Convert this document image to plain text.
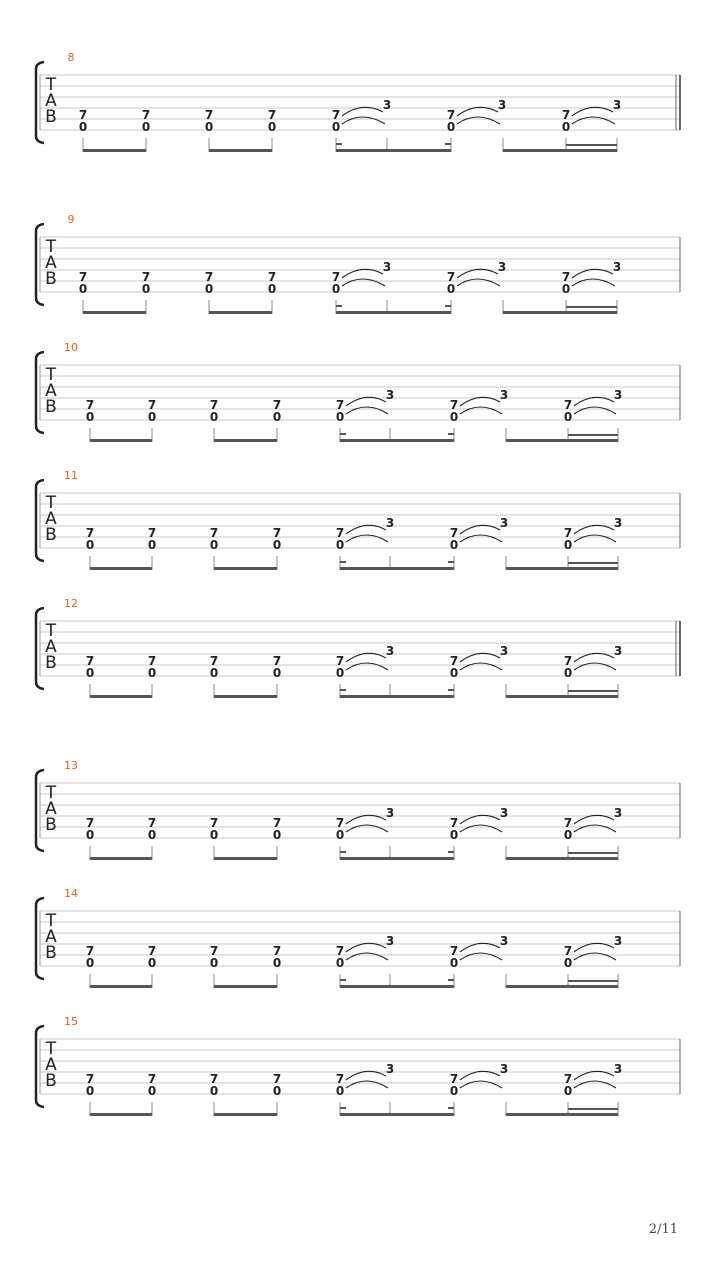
8
T
A
B 7
0
7
0
7
0
7
0
7
0
3
7
0
3
7
0
3
9
T
A
B 7
0
7
0
7
0
7
0
7
0
3
7
0
3
7
0
3
10
T
A
B 7
0
7
0
7
0
7
0
7
0
3
7
0
3
7
0
3
11
T
A
B 7
0
7
0
7
0
7
0
7
0
3
7
0
3
7
0
3
12
T
A
B 7
0
7
0
7
0
7
0
7
0
3
7
0
3
7
0
3
13
T
A
B 7
0
7
0
7
0
7
0
7
0
3
7
0
3
7
0
3
14
T
A
B 7
0
7
0
7
0
7
0
7
0
3
7
0
3
7
0
3
15
T
A
B 7
0
7
0
7
0
7
0
7
0
3
7
0
3
7
0
3
2/11
